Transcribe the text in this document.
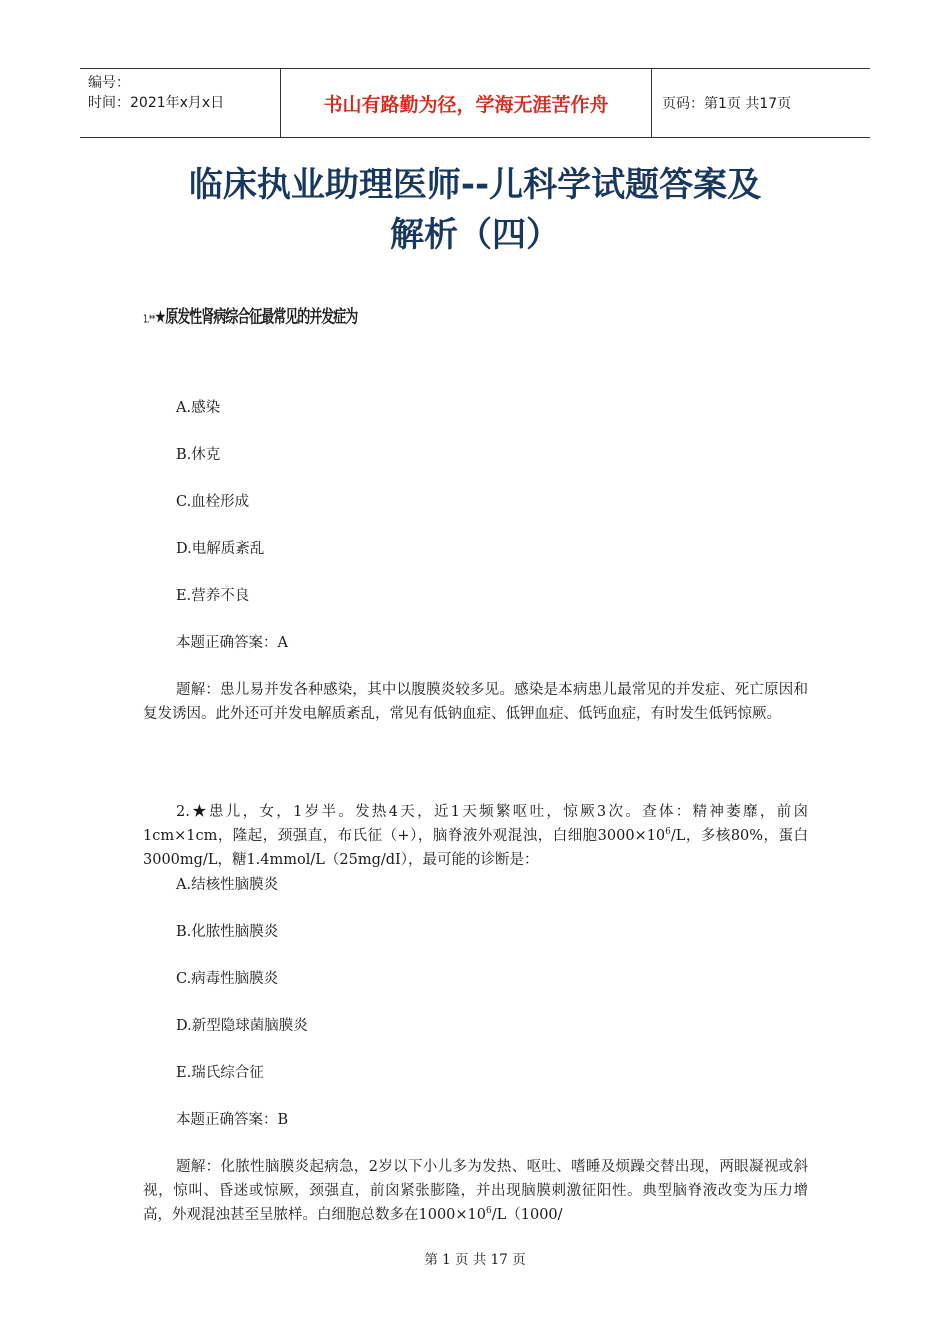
编号：
时间：2021年x月x日	书山有路勤为径，学海无涯苦作舟	页码：第1页 共17页
临床执业助理医师--儿科学试题答案及
解析（四）
1.**★原发性肾病综合征最常见的并发症为
A.感染
B.休克
C.血栓形成
D.电解质紊乱
E.营养不良
本题正确答案：A
题解：患儿易并发各种感染，其中以腹膜炎较多见。感染是本病患儿最常见的并发症、死亡原因和复发诱因。此外还可并发电解质紊乱，常见有低钠血症、低钾血症、低钙血症，有时发生低钙惊厥。
2.★患儿，女，1岁半。发热4天，近1天频繁呕吐，惊厥3次。查体：精神萎靡，前囟1cm×1cm，隆起，颈强直，布氏征（+），脑脊液外观混浊，白细胞$3000\times 10^6/L$，多核80%，蛋白3000mg/L，糖1.4mmol/L（25mg/dI），最可能的诊断是：
A.结核性脑膜炎
B.化脓性脑膜炎
C.病毒性脑膜炎
D.新型隐球菌脑膜炎
E.瑞氏综合征
本题正确答案：B
题解：化脓性脑膜炎起病急，2岁以下小儿多为发热、呕吐、嗜睡及烦躁交替出现，两眼凝视或斜视，惊叫、昏迷或惊厥，颈强直，前囟紧张膨隆，并出现脑膜刺激征阳性。典型脑脊液改变为压力增高，外观混浊甚至呈脓样。白细胞总数多在$1000\times 10^6/L(1000/$
第 1 页 共 17 页
